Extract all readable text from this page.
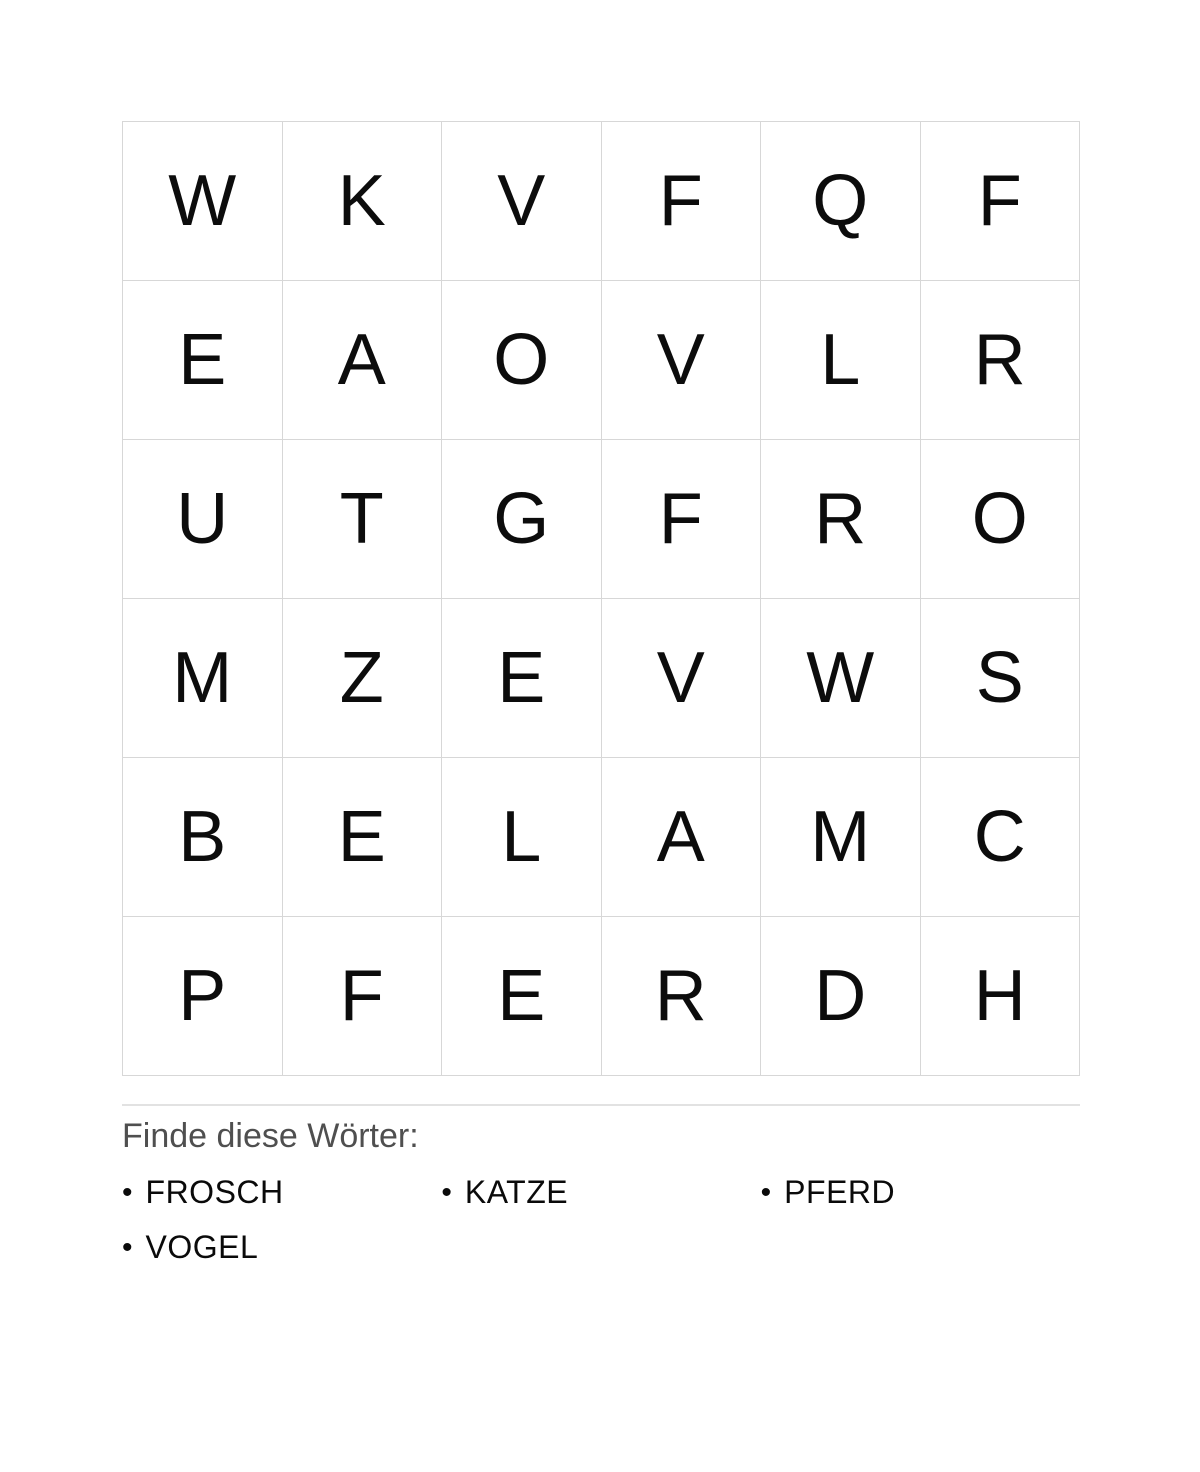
W	K	V	F	Q	F
E	A	O	V	L	R
U	T	G	F	R	O
M	Z	E	V	W	S
B	E	L	A	M	C
P	F	E	R	D	H
Finde diese Wörter:
• FROSCH	• KATZE	• PFERD
• VOGEL
